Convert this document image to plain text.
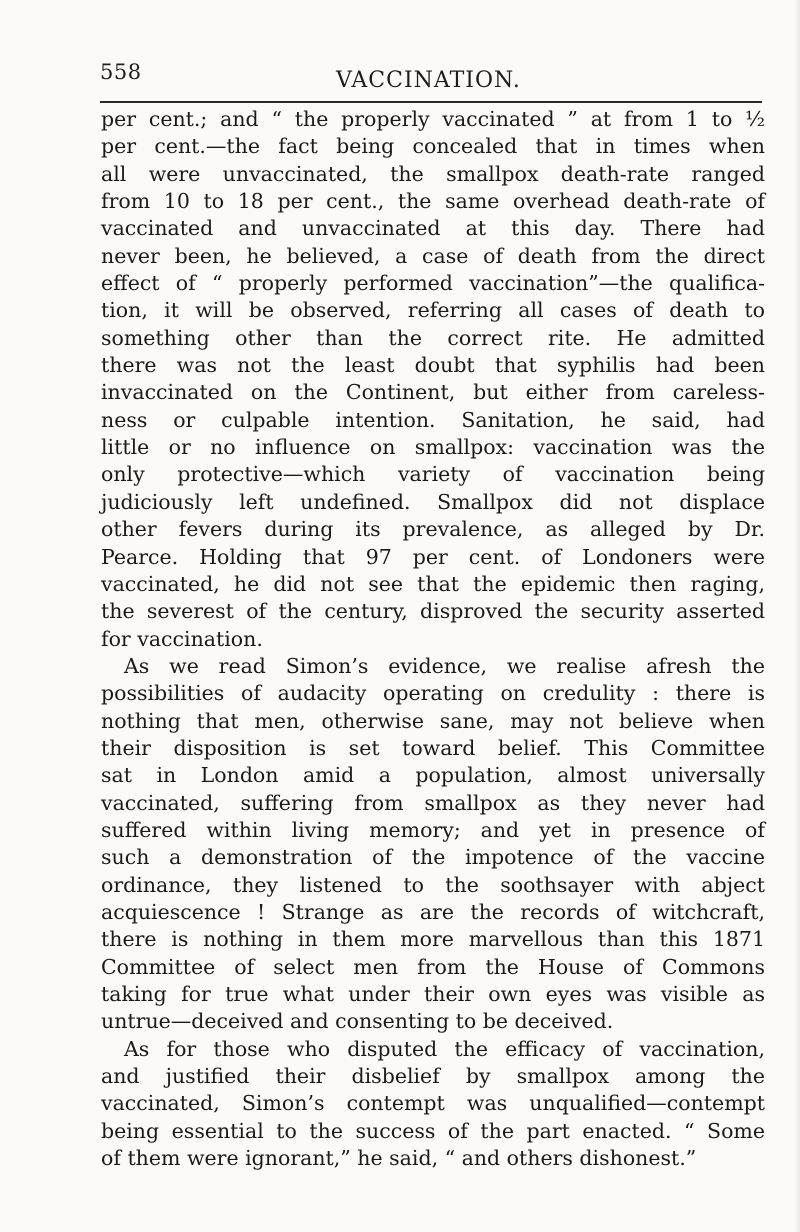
558	VACCINATION.
per cent.; and “ the properly vaccinated ” at from 1 to ½
per cent.—the fact being concealed that in times when
all were unvaccinated, the smallpox death-rate ranged
from 10 to 18 per cent., the same overhead death-rate of
vaccinated and unvaccinated at this day. There had
never been, he believed, a case of death from the direct
effect of “ properly performed vaccination”—the qualifica-
tion, it will be observed, referring all cases of death to
something other than the correct rite. He admitted
there was not the least doubt that syphilis had been
invaccinated on the Continent, but either from careless-
ness or culpable intention. Sanitation, he said, had
little or no influence on smallpox: vaccination was the
only protective—which variety of vaccination being
judiciously left undefined. Smallpox did not displace
other fevers during its prevalence, as alleged by Dr.
Pearce. Holding that 97 per cent. of Londoners were
vaccinated, he did not see that the epidemic then raging,
the severest of the century, disproved the security asserted
for vaccination.
As we read Simon’s evidence, we realise afresh the
possibilities of audacity operating on credulity : there is
nothing that men, otherwise sane, may not believe when
their disposition is set toward belief. This Committee
sat in London amid a population, almost universally
vaccinated, suffering from smallpox as they never had
suffered within living memory; and yet in presence of
such a demonstration of the impotence of the vaccine
ordinance, they listened to the soothsayer with abject
acquiescence ! Strange as are the records of witchcraft,
there is nothing in them more marvellous than this 1871
Committee of select men from the House of Commons
taking for true what under their own eyes was visible as
untrue—deceived and consenting to be deceived.
As for those who disputed the efficacy of vaccination,
and justified their disbelief by smallpox among the
vaccinated, Simon’s contempt was unqualified—contempt
being essential to the success of the part enacted. “ Some
of them were ignorant,” he said, “ and others dishonest.”
